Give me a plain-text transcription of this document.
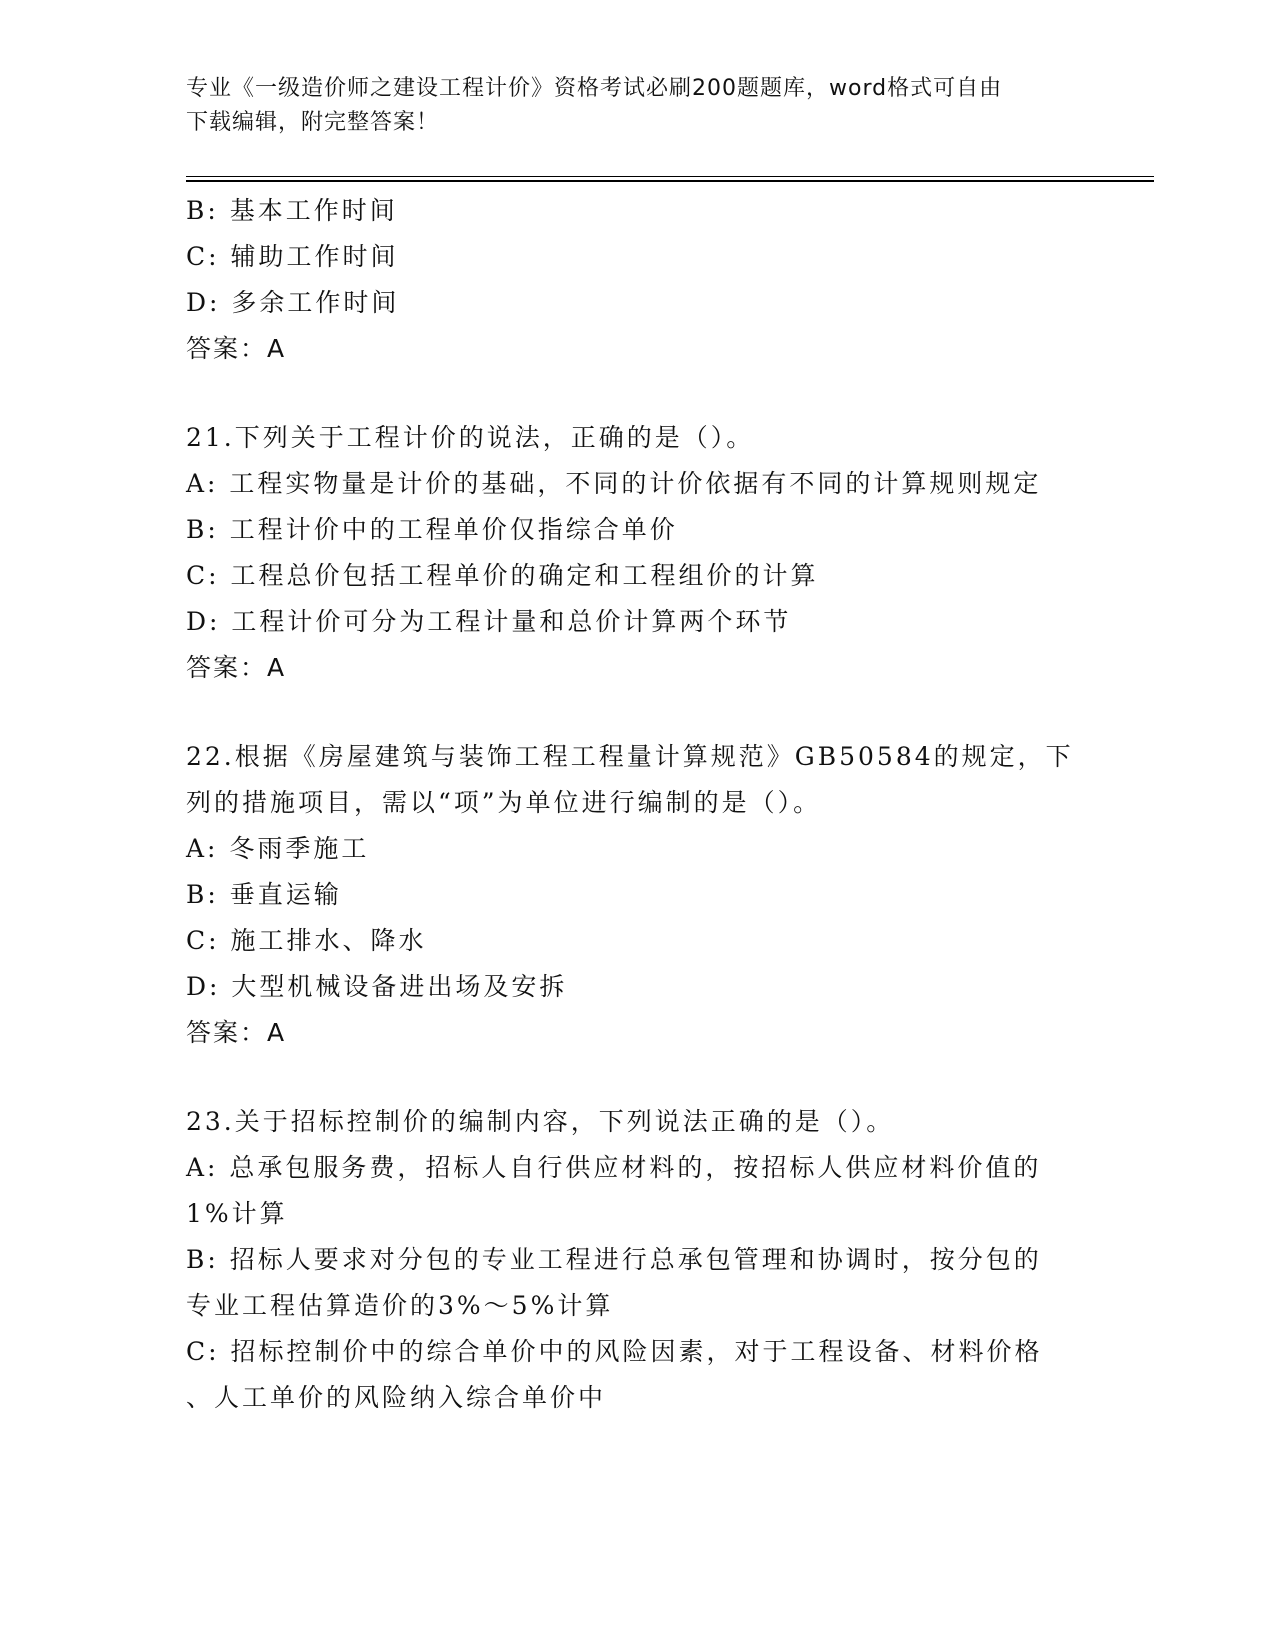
专业《一级造价师之建设工程计价》资格考试必刷200题题库，word格式可自由
下载编辑，附完整答案！
B: 基本工作时间
C: 辅助工作时间
D: 多余工作时间
答案：A
21.下列关于工程计价的说法，正确的是（）。
A: 工程实物量是计价的基础，不同的计价依据有不同的计算规则规定
B: 工程计价中的工程单价仅指综合单价
C: 工程总价包括工程单价的确定和工程组价的计算
D: 工程计价可分为工程计量和总价计算两个环节
答案：A
22.根据《房屋建筑与装饰工程工程量计算规范》GB50584的规定，下
列的措施项目，需以“项”为单位进行编制的是（）。
A: 冬雨季施工
B: 垂直运输
C: 施工排水、降水
D: 大型机械设备进出场及安拆
答案：A
23.关于招标控制价的编制内容，下列说法正确的是（）。
A: 总承包服务费，招标人自行供应材料的，按招标人供应材料价值的
1%计算
B: 招标人要求对分包的专业工程进行总承包管理和协调时，按分包的
专业工程估算造价的3%～5%计算
C: 招标控制价中的综合单价中的风险因素，对于工程设备、材料价格
、人工单价的风险纳入综合单价中
